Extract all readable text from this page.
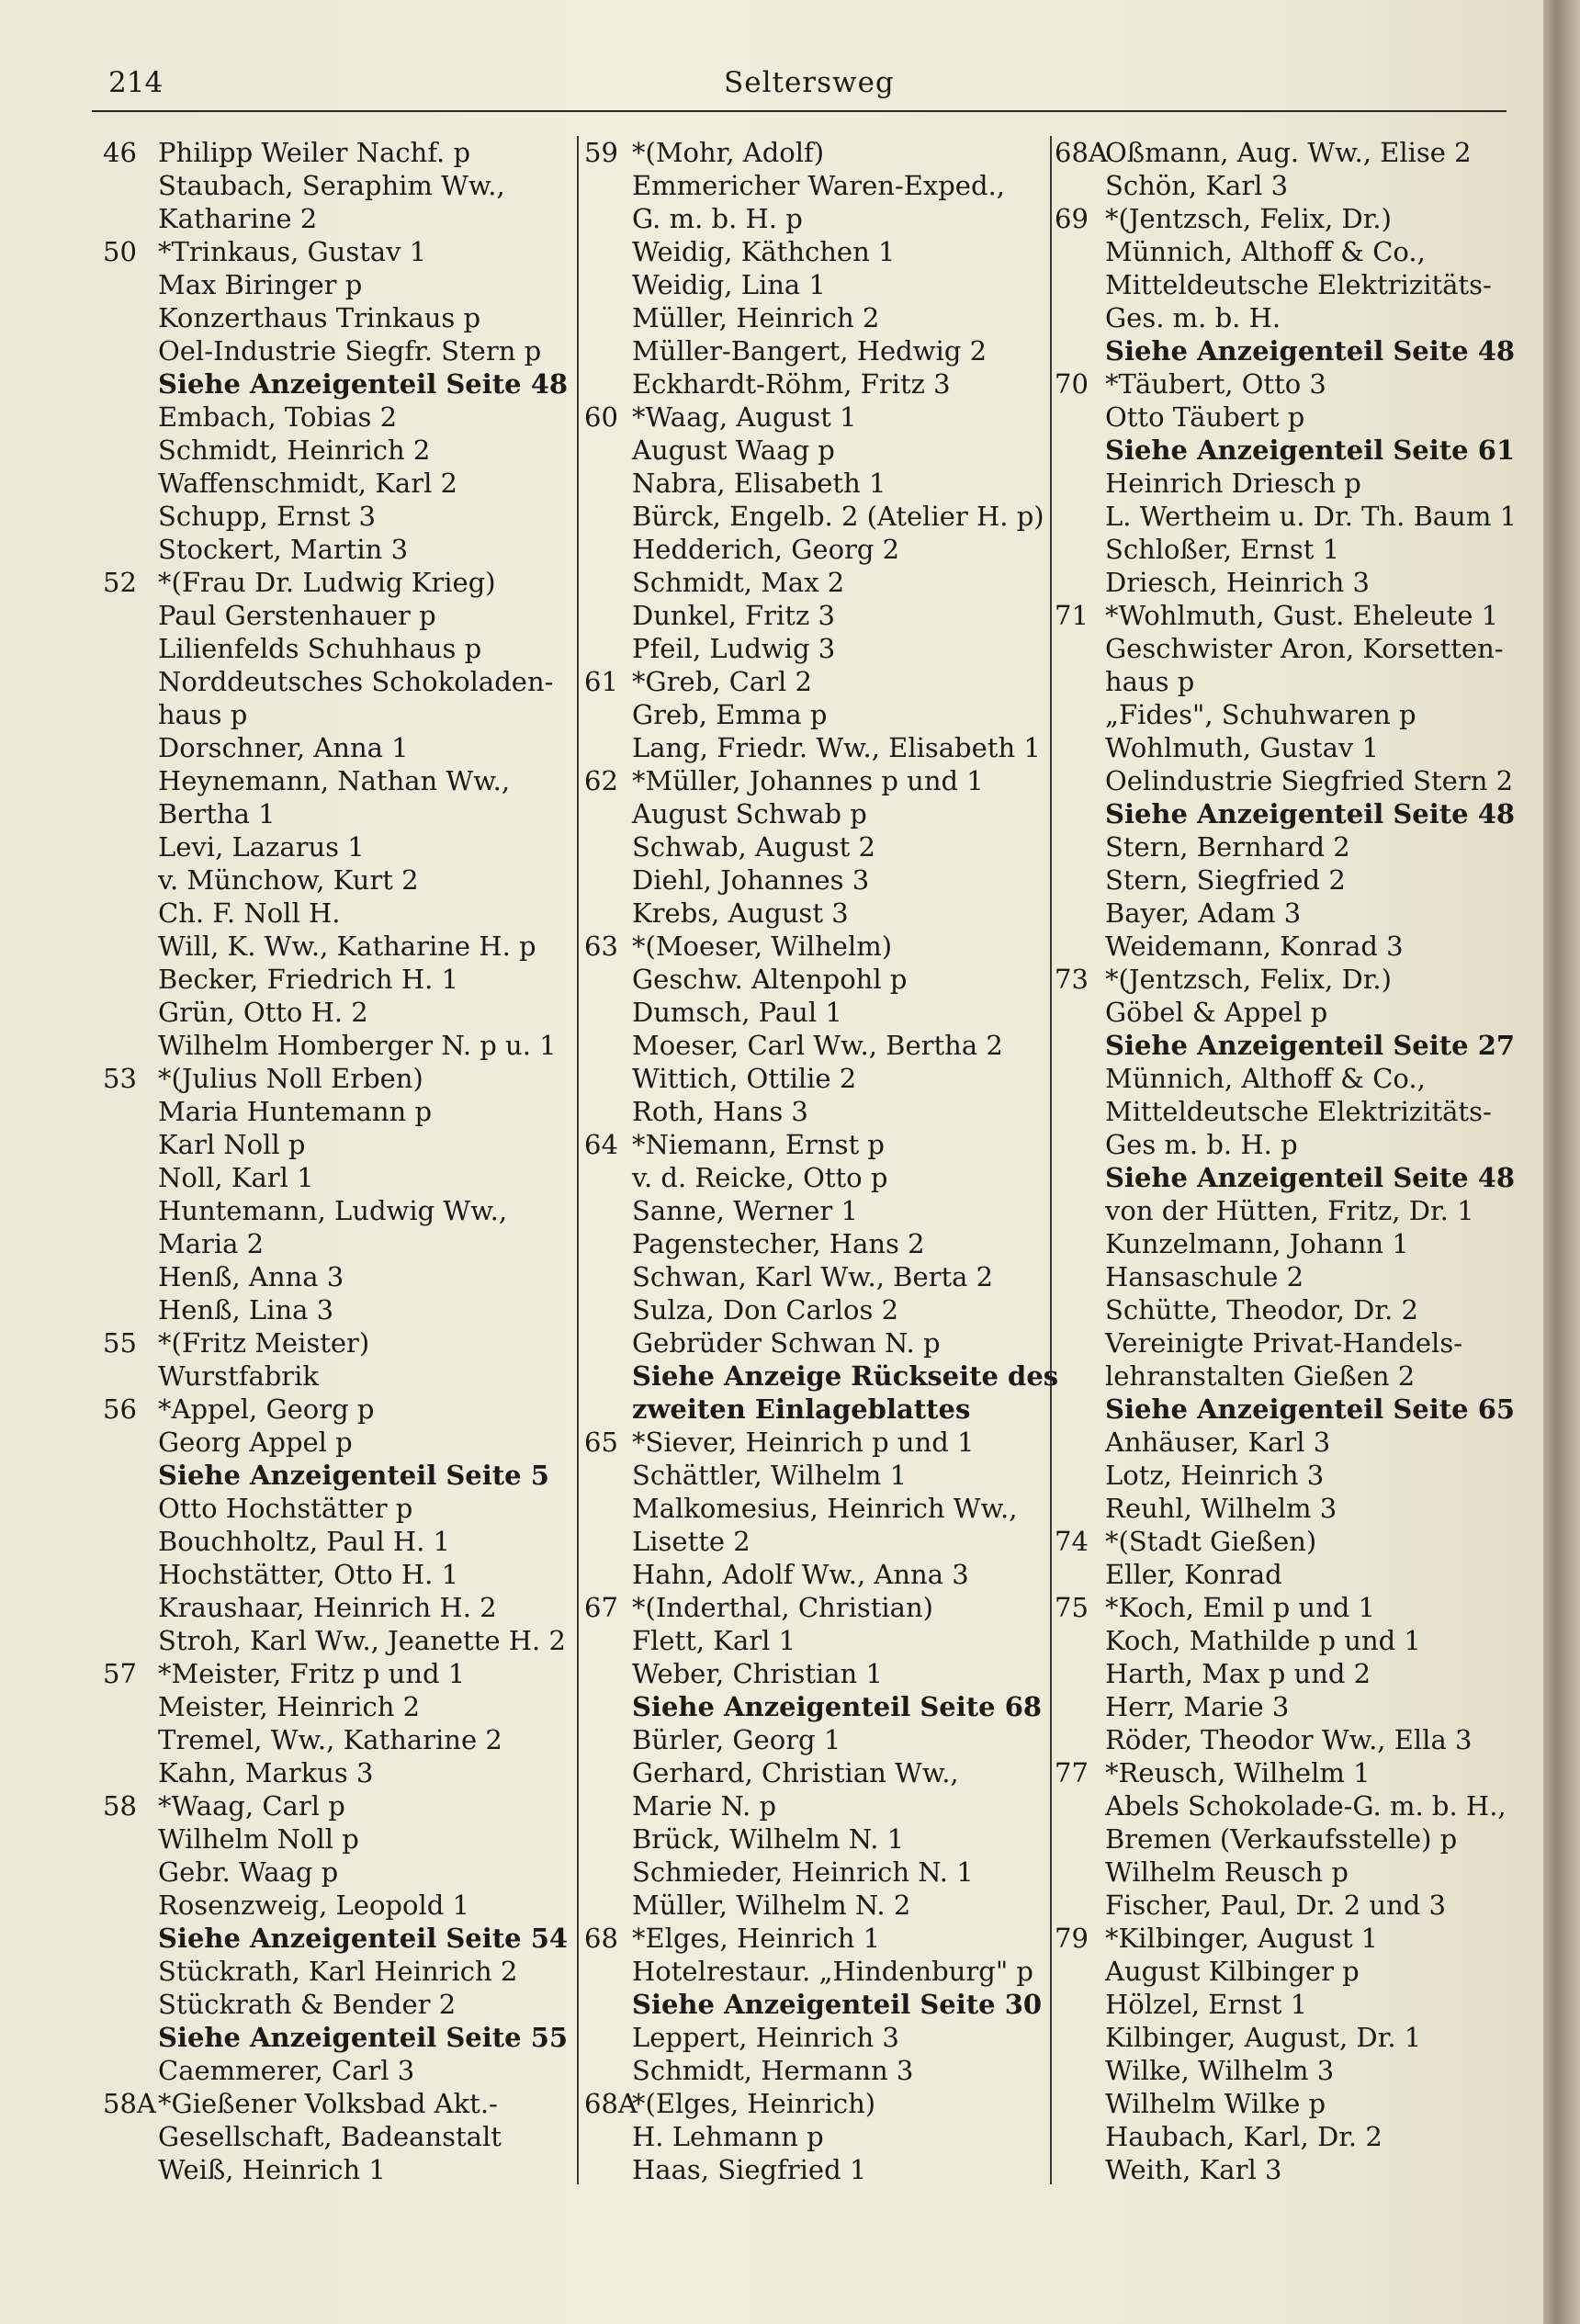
214	Seltersweg
46 Philipp Weiler Nachf. p
Staubach, Seraphim Ww.,
Katharine 2
50 *Trinkaus, Gustav 1
Max Biringer p
Konzerthaus Trinkaus p
Oel-Industrie Siegfr. Stern p
Siehe Anzeigenteil Seite 48
Embach, Tobias 2
Schmidt, Heinrich 2
Waffenschmidt, Karl 2
Schupp, Ernst 3
Stockert, Martin 3
52 *(Frau Dr. Ludwig Krieg)
Paul Gerstenhauer p
Lilienfelds Schuhhaus p
Norddeutsches Schokoladen-
haus p
Dorschner, Anna 1
Heynemann, Nathan Ww.,
Bertha 1
Levi, Lazarus 1
v. Münchow, Kurt 2
Ch. F. Noll H.
Will, K. Ww., Katharine H. p
Becker, Friedrich H. 1
Grün, Otto H. 2
Wilhelm Homberger N. p u. 1
53 *(Julius Noll Erben)
Maria Huntemann p
Karl Noll p
Noll, Karl 1
Huntemann, Ludwig Ww.,
Maria 2
Henß, Anna 3
Henß, Lina 3
55 *(Fritz Meister)
Wurstfabrik
56 *Appel, Georg p
Georg Appel p
Siehe Anzeigenteil Seite 5
Otto Hochstätter p
Bouchholtz, Paul H. 1
Hochstätter, Otto H. 1
Kraushaar, Heinrich H. 2
Stroh, Karl Ww., Jeanette H. 2
57 *Meister, Fritz p und 1
Meister, Heinrich 2
Tremel, Ww., Katharine 2
Kahn, Markus 3
58 *Waag, Carl p
Wilhelm Noll p
Gebr. Waag p
Rosenzweig, Leopold 1
Siehe Anzeigenteil Seite 54
Stückrath, Karl Heinrich 2
Stückrath & Bender 2
Siehe Anzeigenteil Seite 55
Caemmerer, Carl 3
58A *Gießener Volksbad Akt.-
Gesellschaft, Badeanstalt
Weiß, Heinrich 1
59 *(Mohr, Adolf)
Emmericher Waren-Exped.,
G. m. b. H. p
Weidig, Käthchen 1
Weidig, Lina 1
Müller, Heinrich 2
Müller-Bangert, Hedwig 2
Eckhardt-Röhm, Fritz 3
60 *Waag, August 1
August Waag p
Nabra, Elisabeth 1
Bürck, Engelb. 2 (Atelier H. p)
Hedderich, Georg 2
Schmidt, Max 2
Dunkel, Fritz 3
Pfeil, Ludwig 3
61 *Greb, Carl 2
Greb, Emma p
Lang, Friedr. Ww., Elisabeth 1
62 *Müller, Johannes p und 1
August Schwab p
Schwab, August 2
Diehl, Johannes 3
Krebs, August 3
63 *(Moeser, Wilhelm)
Geschw. Altenpohl p
Dumsch, Paul 1
Moeser, Carl Ww., Bertha 2
Wittich, Ottilie 2
Roth, Hans 3
64 *Niemann, Ernst p
v. d. Reicke, Otto p
Sanne, Werner 1
Pagenstecher, Hans 2
Schwan, Karl Ww., Berta 2
Sulza, Don Carlos 2
Gebrüder Schwan N. p
Siehe Anzeige Rückseite des
zweiten Einlageblattes
65 *Siever, Heinrich p und 1
Schättler, Wilhelm 1
Malkomesius, Heinrich Ww.,
Lisette 2
Hahn, Adolf Ww., Anna 3
67 *(Inderthal, Christian)
Flett, Karl 1
Weber, Christian 1
Siehe Anzeigenteil Seite 68
Bürler, Georg 1
Gerhard, Christian Ww.,
Marie N. p
Brück, Wilhelm N. 1
Schmieder, Heinrich N. 1
Müller, Wilhelm N. 2
68 *Elges, Heinrich 1
Hotelrestaur. „Hindenburg" p
Siehe Anzeigenteil Seite 30
Leppert, Heinrich 3
Schmidt, Hermann 3
68A
*(Elges, Heinrich)
H. Lehmann p
Haas, Siegfried 1
68A
Oßmann, Aug. Ww., Elise 2
Schön, Karl 3
69 *(Jentzsch, Felix, Dr.)
Münnich, Althoff & Co.,
Mitteldeutsche Elektrizitäts-
Ges. m. b. H.
Siehe Anzeigenteil Seite 48
70 *Täubert, Otto 3
Otto Täubert p
Siehe Anzeigenteil Seite 61
Heinrich Driesch p
L. Wertheim u. Dr. Th. Baum 1
Schloßer, Ernst 1
Driesch, Heinrich 3
71 *Wohlmuth, Gust. Eheleute 1
Geschwister Aron, Korsetten-
haus p
„Fides", Schuhwaren p
Wohlmuth, Gustav 1
Oelindustrie Siegfried Stern 2
Siehe Anzeigenteil Seite 48
Stern, Bernhard 2
Stern, Siegfried 2
Bayer, Adam 3
Weidemann, Konrad 3
73 *(Jentzsch, Felix, Dr.)
Göbel & Appel p
Siehe Anzeigenteil Seite 27
Münnich, Althoff & Co.,
Mitteldeutsche Elektrizitäts-
Ges m. b. H. p
Siehe Anzeigenteil Seite 48
von der Hütten, Fritz, Dr. 1
Kunzelmann, Johann 1
Hansaschule 2
Schütte, Theodor, Dr. 2
Vereinigte Privat-Handels-
lehranstalten Gießen 2
Siehe Anzeigenteil Seite 65
Anhäuser, Karl 3
Lotz, Heinrich 3
Reuhl, Wilhelm 3
74 *(Stadt Gießen)
Eller, Konrad
75 *Koch, Emil p und 1
Koch, Mathilde p und 1
Harth, Max p und 2
Herr, Marie 3
Röder, Theodor Ww., Ella 3
77 *Reusch, Wilhelm 1
Abels Schokolade-G. m. b. H.,
Bremen (Verkaufsstelle) p
Wilhelm Reusch p
Fischer, Paul, Dr. 2 und 3
79 *Kilbinger, August 1
August Kilbinger p
Hölzel, Ernst 1
Kilbinger, August, Dr. 1
Wilke, Wilhelm 3
Wilhelm Wilke p
Haubach, Karl, Dr. 2
Weith, Karl 3
